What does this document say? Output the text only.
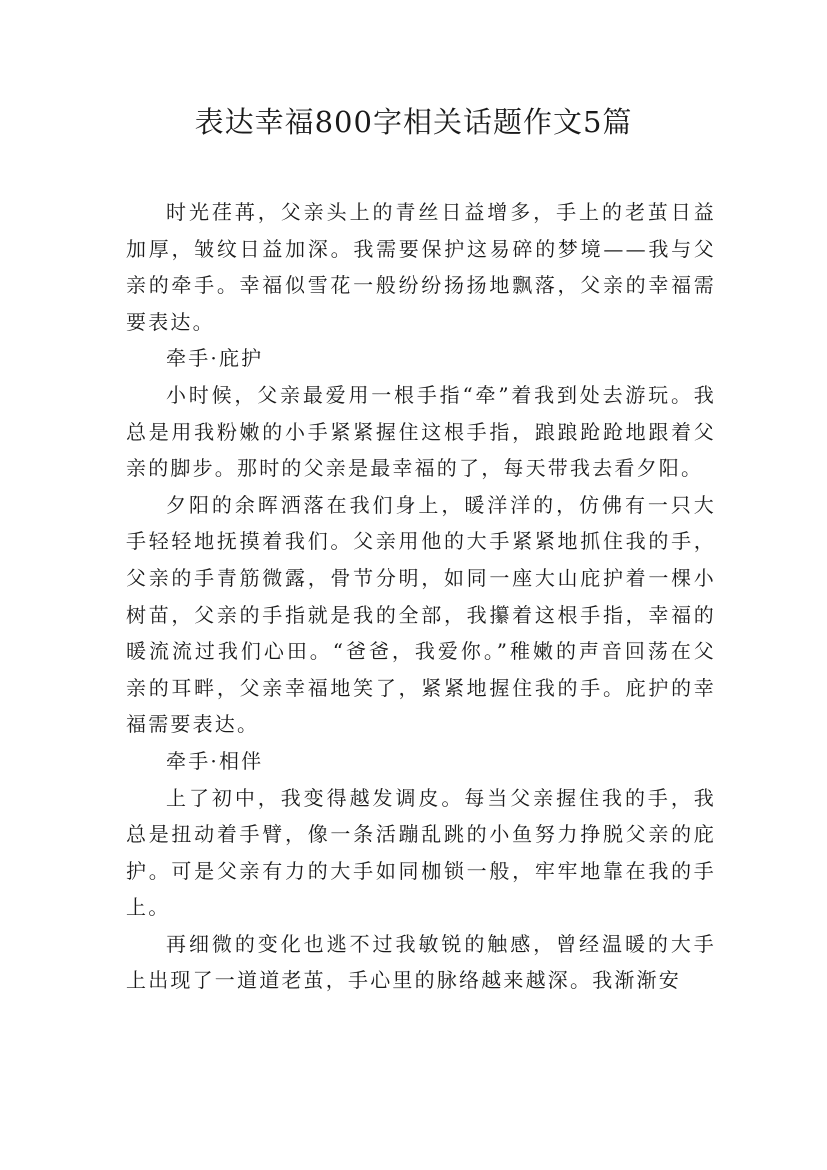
表达幸福800字相关话题作文5篇

时光荏苒，父亲头上的青丝日益增多，手上的老茧日益加厚，皱纹日益加深。我需要保护这易碎的梦境——我与父亲的牵手。幸福似雪花一般纷纷扬扬地飘落，父亲的幸福需要表达。

牵手·庇护

小时候，父亲最爱用一根手指“牵”着我到处去游玩。我总是用我粉嫩的小手紧紧握住这根手指，踉踉跄跄地跟着父亲的脚步。那时的父亲是最幸福的了，每天带我去看夕阳。

夕阳的余晖洒落在我们身上，暖洋洋的，仿佛有一只大手轻轻地抚摸着我们。父亲用他的大手紧紧地抓住我的手，父亲的手青筋微露，骨节分明，如同一座大山庇护着一棵小树苗，父亲的手指就是我的全部，我攥着这根手指，幸福的暖流流过我们心田。“爸爸，我爱你。”稚嫩的声音回荡在父亲的耳畔，父亲幸福地笑了，紧紧地握住我的手。庇护的幸福需要表达。

牵手·相伴

上了初中，我变得越发调皮。每当父亲握住我的手，我总是扭动着手臂，像一条活蹦乱跳的小鱼努力挣脱父亲的庇护。可是父亲有力的大手如同枷锁一般，牢牢地靠在我的手上。

再细微的变化也逃不过我敏锐的触感，曾经温暖的大手上出现了一道道老茧，手心里的脉络越来越深。我渐渐安
